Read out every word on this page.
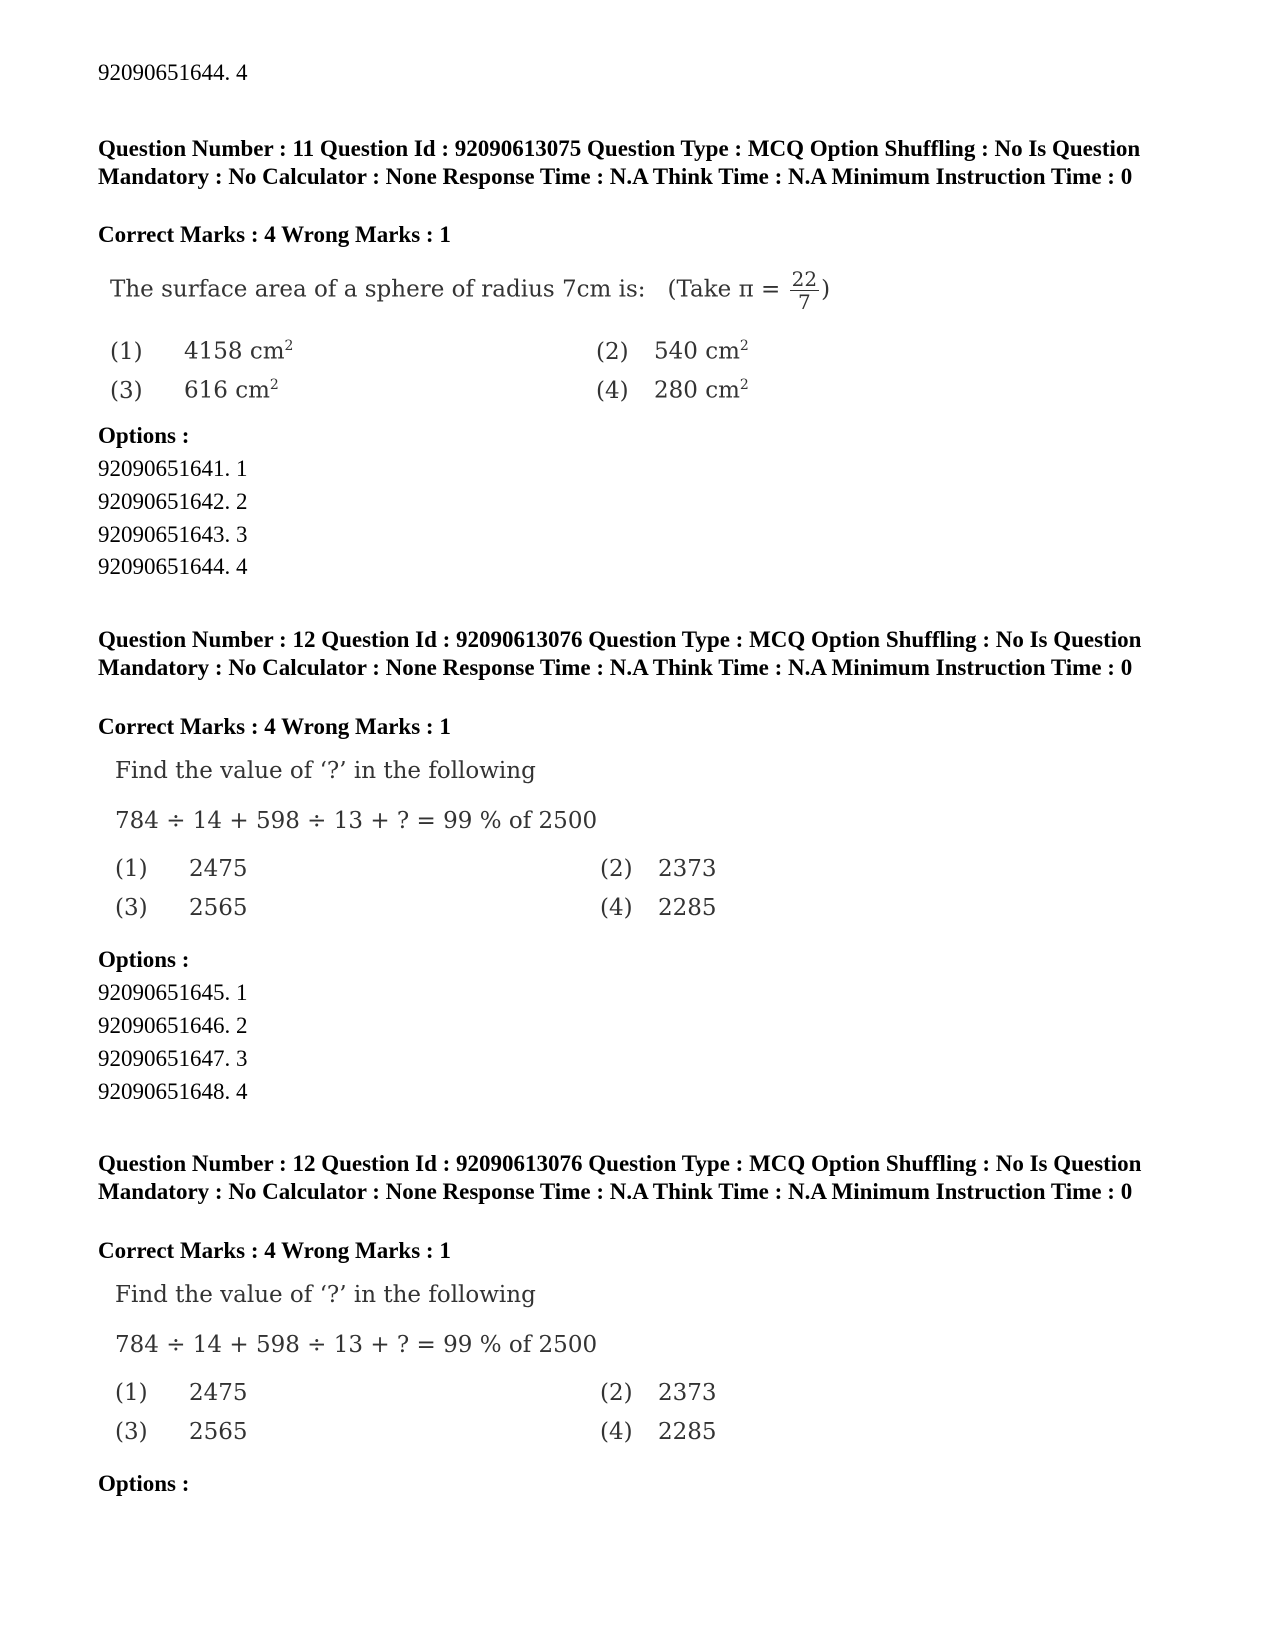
92090651644. 4
Question Number : 11 Question Id : 92090613075 Question Type : MCQ Option Shuffling : No Is Question Mandatory : No Calculator : None Response Time : N.A Think Time : N.A Minimum Instruction Time : 0
Correct Marks : 4 Wrong Marks : 1
The surface area of a sphere of radius 7cm is: (Take $\pi = \frac{22}{7}$ )
(1) 4158 $cm^2$	(2) 540 $cm^2$
(3) 616 $cm^2$	(4) 280 $cm^2$
Options :
92090651641. 1
92090651642. 2
92090651643. 3
92090651644. 4
Question Number : 12 Question Id : 92090613076 Question Type : MCQ Option Shuffling : No Is Question Mandatory : No Calculator : None Response Time : N.A Think Time : N.A Minimum Instruction Time : 0
Correct Marks : 4 Wrong Marks : 1
Find the value of ‘?’ in the following
784 ÷ 14 + 598 ÷ 13 + ? = 99 % of 2500
(1) 2475	(2) 2373
(3) 2565	(4) 2285
Options :
92090651645. 1
92090651646. 2
92090651647. 3
92090651648. 4
Question Number : 12 Question Id : 92090613076 Question Type : MCQ Option Shuffling : No Is Question Mandatory : No Calculator : None Response Time : N.A Think Time : N.A Minimum Instruction Time : 0
Correct Marks : 4 Wrong Marks : 1
Find the value of ‘?’ in the following
784 ÷ 14 + 598 ÷ 13 + ? = 99 % of 2500
(1) 2475	(2) 2373
(3) 2565	(4) 2285
Options :
